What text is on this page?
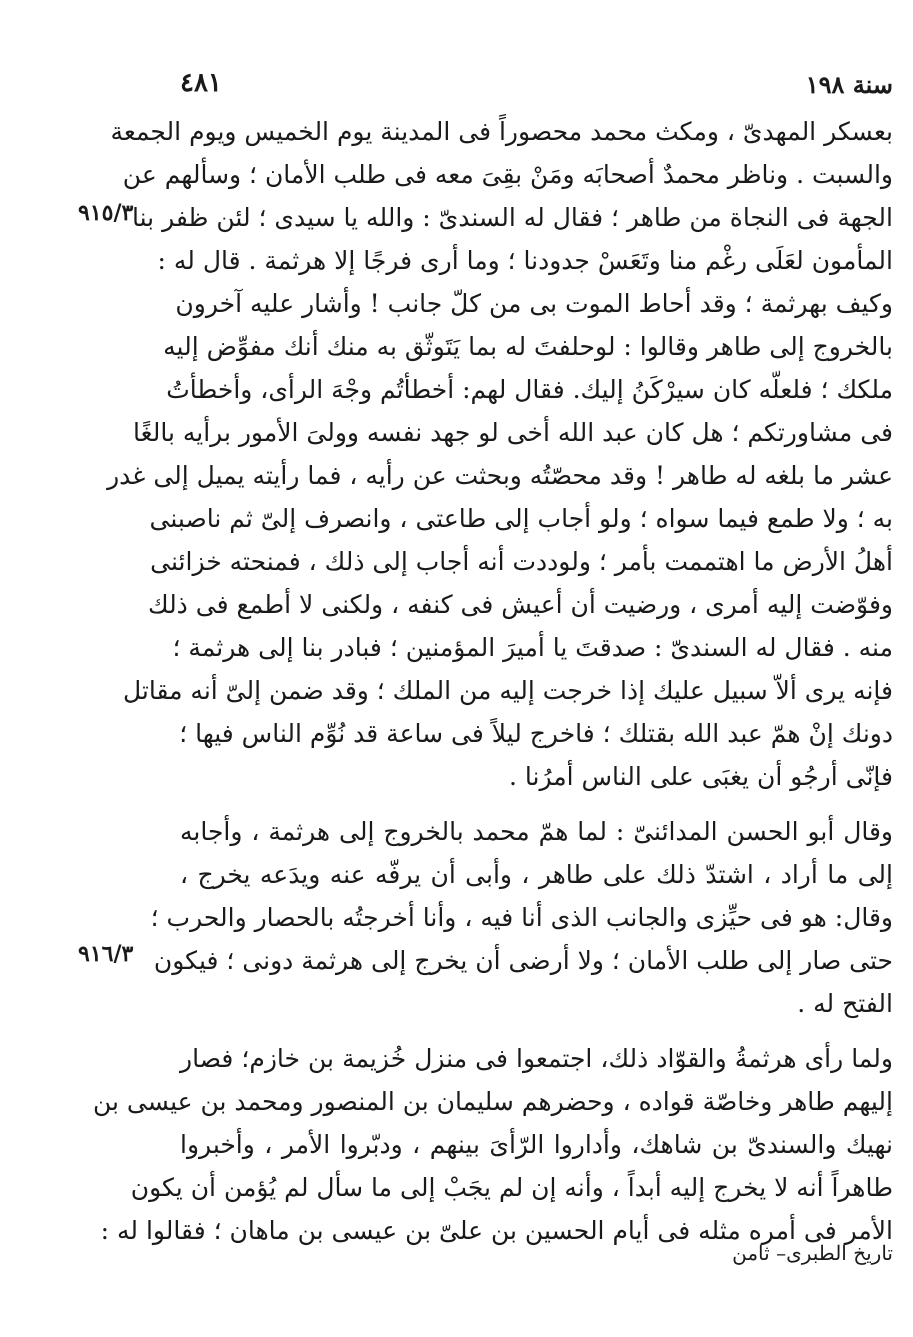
سنة ١٩٨
٤٨١
٩١٥/٣
٩١٦/٣
بعسكر المهدىّ ، ومكث محمد محصوراً فى المدينة يوم الخميس ويوم الجمعة
والسبت . وناظر محمدٌ أصحابَه ومَنْ بقِىَ معه فى طلب الأمان ؛ وسألهم عن
الجهة فى النجاة من طاهر ؛ فقال له السندىّ : والله يا سيدى ؛ لئن ظفر بنا
المأمون لعَلَى رغْم منا وتَعَسْ جدودنا ؛ وما أرى فرجًا إلا هرثمة . قال له :
وكيف بهرثمة ؛ وقد أحاط الموت بى من كلّ جانب ! وأشار عليه آخرون
بالخروج إلى طاهر وقالوا : لوحلفتَ له بما يَتَوثّق به منك أنك مفوِّض إليه
ملكك ؛ فلعلّه كان سيرْكَنُ إليك. فقال لهم: أخطأتُم وجْهَ الرأى، وأخطأتُ
فى مشاورتكم ؛ هل كان عبد الله أخى لو جهد نفسه وولىَ الأمور برأيه بالغًا
عشر ما بلغه له طاهر ! وقد محصّتُه وبحثت عن رأيه ، فما رأيته يميل إلى غدر
به ؛ ولا طمع فيما سواه ؛ ولو أجاب إلى طاعتى ، وانصرف إلىّ ثم ناصبنى
أهلُ الأرض ما اهتممت بأمر ؛ ولوددت أنه أجاب إلى ذلك ، فمنحته خزائنى
وفوّضت إليه أمرى ، ورضيت أن أعيش فى كنفه ، ولكنى لا أطمع فى ذلك
منه . فقال له السندىّ : صدقتَ يا أميرَ المؤمنين ؛ فبادر بنا إلى هرثمة ؛
فإنه يرى ألاّ سبيل عليك إذا خرجت إليه من الملك ؛ وقد ضمن إلىّ أنه مقاتل
دونك إنْ همّ عبد الله بقتلك ؛ فاخرج ليلاً فى ساعة قد نُوِّم الناس فيها ؛
فإنّى أرجُو أن يغبَى على الناس أمرُنا .
وقال أبو الحسن المدائنىّ : لما همّ محمد بالخروج إلى هرثمة ، وأجابه
إلى ما أراد ، اشتدّ ذلك على طاهر ، وأبى أن يرفّه عنه ويدَعه يخرج ،
وقال: هو فى حيِّزى والجانب الذى أنا فيه ، وأنا أخرجتُه بالحصار والحرب ؛
حتى صار إلى طلب الأمان ؛ ولا أرضى أن يخرج إلى هرثمة دونى ؛ فيكون
الفتح له .
ولما رأى هرثمةُ والقوّاد ذلك، اجتمعوا فى منزل خُزيمة بن خازم؛ فصار
إليهم طاهر وخاصّة قواده ، وحضرهم سليمان بن المنصور ومحمد بن عيسى بن
نهيك والسندىّ بن شاهك، وأداروا الرّأىَ بينهم ، ودبّروا الأمر ، وأخبروا
طاهراً أنه لا يخرج إليه أبداً ، وأنه إن لم يجَبْ إلى ما سأل لم يُؤمن أن يكون
الأمر فى أمره مثله فى أيام الحسين بن علىّ بن عيسى بن ماهان ؛ فقالوا له :
تاريخ الطبرى– ثامن
